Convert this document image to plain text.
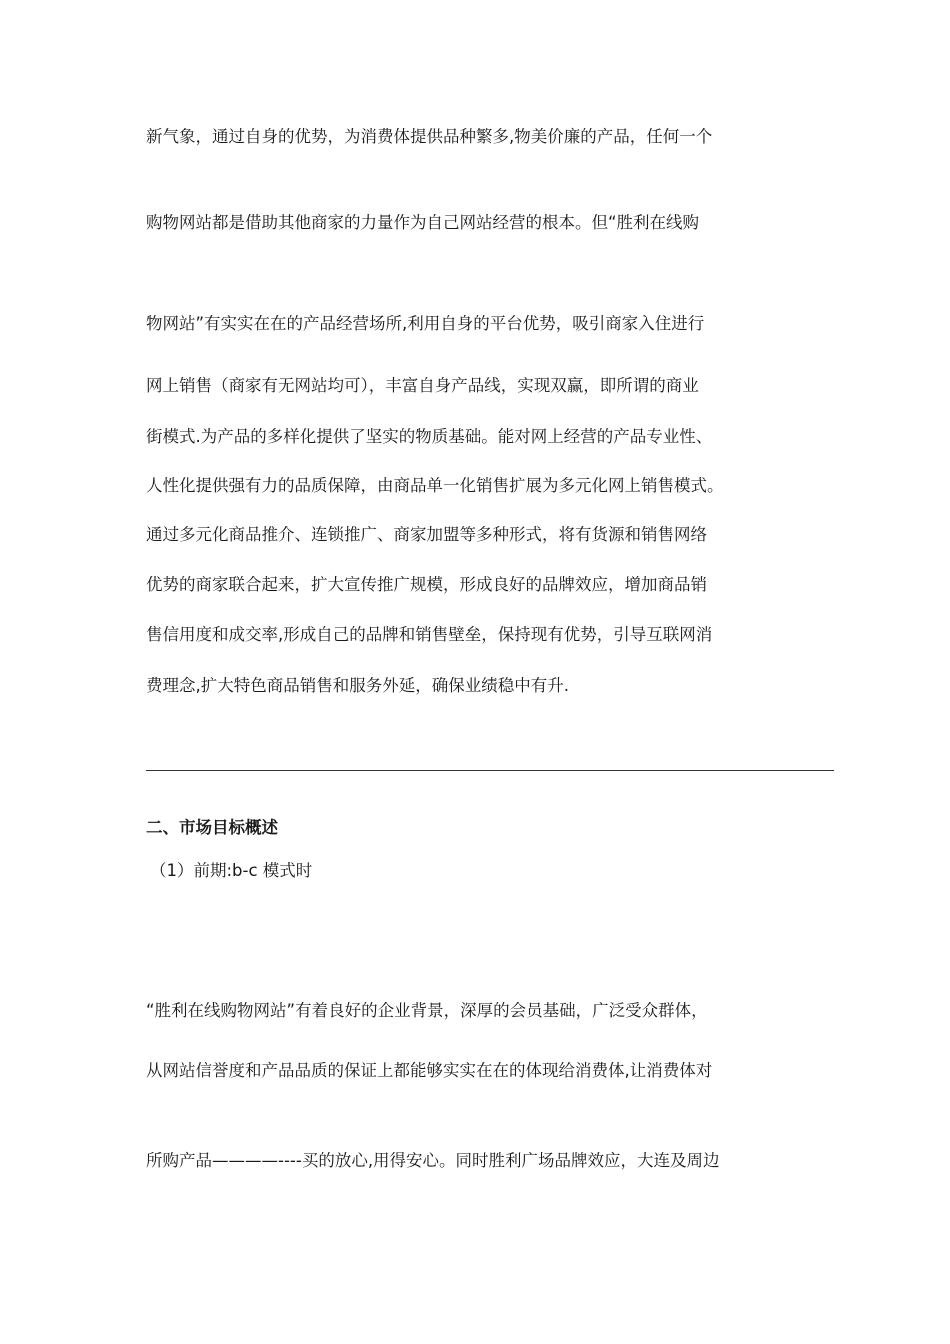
新气象，通过自身的优势，为消费体提供品种繁多,物美价廉的产品，任何一个
购物网站都是借助其他商家的力量作为自己网站经营的根本。但“胜利在线购
物网站”有实实在在的产品经营场所,利用自身的平台优势，吸引商家入住进行
网上销售（商家有无网站均可），丰富自身产品线，实现双赢，即所谓的商业
街模式.为产品的多样化提供了坚实的物质基础。能对网上经营的产品专业性、
人性化提供强有力的品质保障，由商品单一化销售扩展为多元化网上销售模式。
通过多元化商品推介、连锁推广、商家加盟等多种形式，将有货源和销售网络
优势的商家联合起来，扩大宣传推广规模，形成良好的品牌效应，增加商品销
售信用度和成交率,形成自己的品牌和销售壁垒，保持现有优势，引导互联网消
费理念,扩大特色商品销售和服务外延，确保业绩稳中有升.
二、市场目标概述
（1）前期:b-c 模式时
“胜利在线购物网站”有着良好的企业背景，深厚的会员基础，广泛受众群体，
从网站信誉度和产品品质的保证上都能够实实在在的体现给消费体,让消费体对
所购产品————----买的放心,用得安心。同时胜利广场品牌效应，大连及周边
